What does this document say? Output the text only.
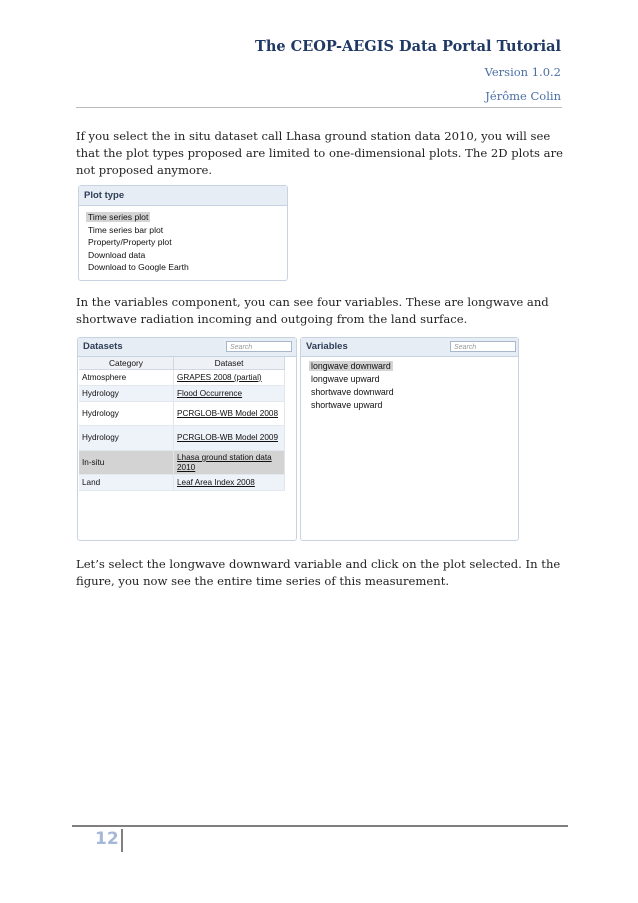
The CEOP-AEGIS Data Portal Tutorial
Version 1.0.2
Jérôme Colin

If you select the in situ dataset call Lhasa ground station data 2010, you will see that the plot types proposed are limited to one-dimensional plots. The 2D plots are not proposed anymore.

Plot type
Time series plot
Time series bar plot
Property/Property plot
Download data
Download to Google Earth

In the variables component, you can see four variables. These are longwave and shortwave radiation incoming and outgoing from the land surface.

Datasets	Search
Category	Dataset
Atmosphere	GRAPES 2008 (partial)
Hydrology	Flood Occurrence
Hydrology	PCRGLOB-WB Model 2008
Hydrology	PCRGLOB-WB Model 2009
In-situ	Lhasa ground station data 2010
Land	Leaf Area Index 2008
Variables	Search
longwave downward
longwave upward
shortwave downward
shortwave upward

Let’s select the longwave downward variable and click on the plot selected. In the figure, you now see the entire time series of this measurement.

12
